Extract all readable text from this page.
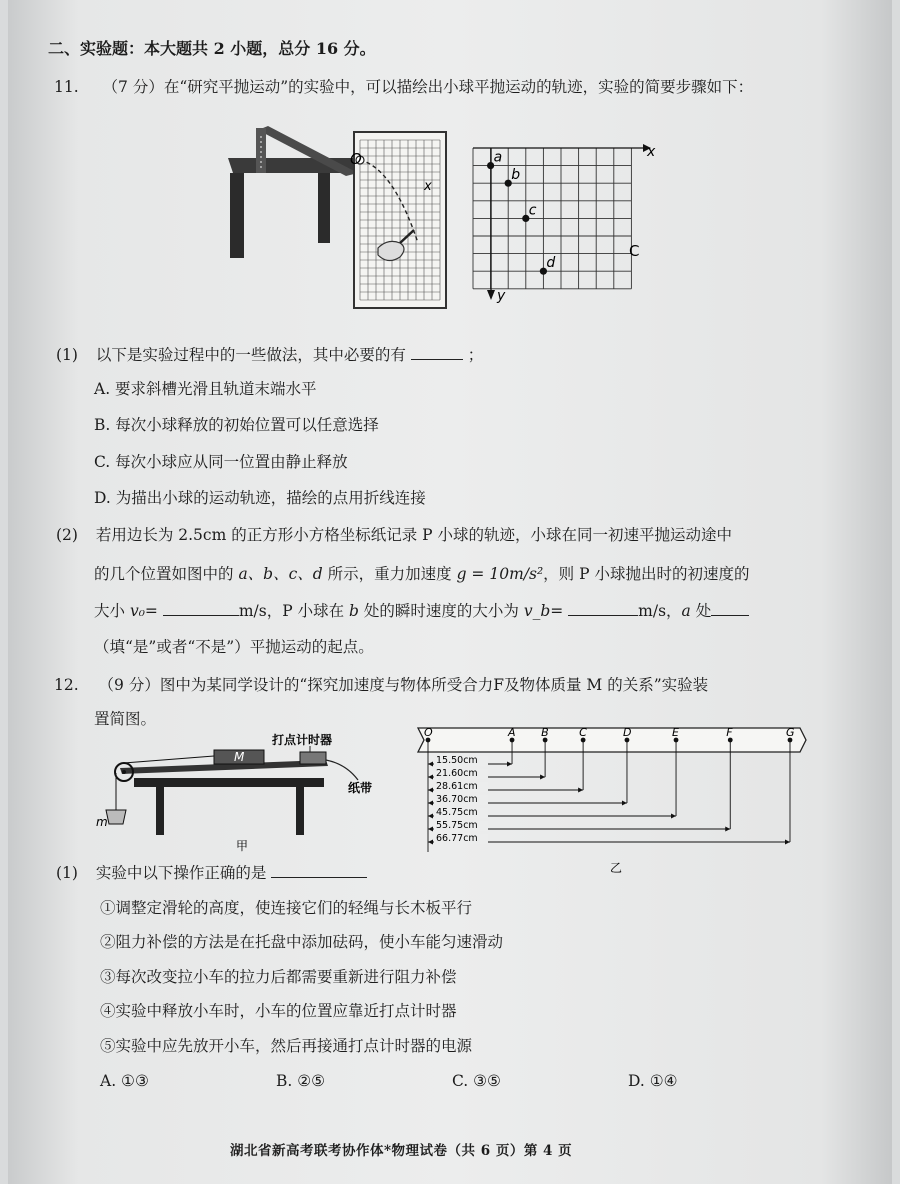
二、实验题：本大题共 2 小题，总分 16 分。
11. （7 分）在“研究平抛运动”的实验中，可以描绘出小球平抛运动的轨迹，实验的简要步骤如下：
O
x
x
y
C
a
b
c
d
(1) 以下是实验过程中的一些做法，其中必要的有	；
A. 要求斜槽光滑且轨道末端水平
B. 每次小球释放的初始位置可以任意选择
C. 每次小球应从同一位置由静止释放
D. 为描出小球的运动轨迹，描绘的点用折线连接
(2) 若用边长为 2.5cm 的正方形小方格坐标纸记录 P 小球的轨迹，小球在同一初速平抛运动途中
的几个位置如图中的 a、b、c、d 所示，重力加速度 g = 10m/s²，则 P 小球抛出时的初速度的
大小 v₀=	m/s，P 小球在 b 处的瞬时速度的大小为 v_b=	m/s，a 处
（填“是”或者“不是”）平抛运动的起点。
12. （9 分）图中为某同学设计的“探究加速度与物体所受合力F及物体质量 M 的关系”实验装
置简图。
打点计时器
M
纸带
m
甲
O	A B	C	D	E	F	G
15.50cm
21.60cm
28.61cm
36.70cm
45.75cm
55.75cm
66.77cm
乙
(1) 实验中以下操作正确的是
①调整定滑轮的高度，使连接它们的轻绳与长木板平行
②阻力补偿的方法是在托盘中添加砝码，使小车能匀速滑动
③每次改变拉小车的拉力后都需要重新进行阻力补偿
④实验中释放小车时，小车的位置应靠近打点计时器
⑤实验中应先放开小车，然后再接通打点计时器的电源
A. ①③	B. ②⑤	C. ③⑤	D. ①④
湖北省新高考联考协作体*物理试卷（共 6 页）第 4 页
